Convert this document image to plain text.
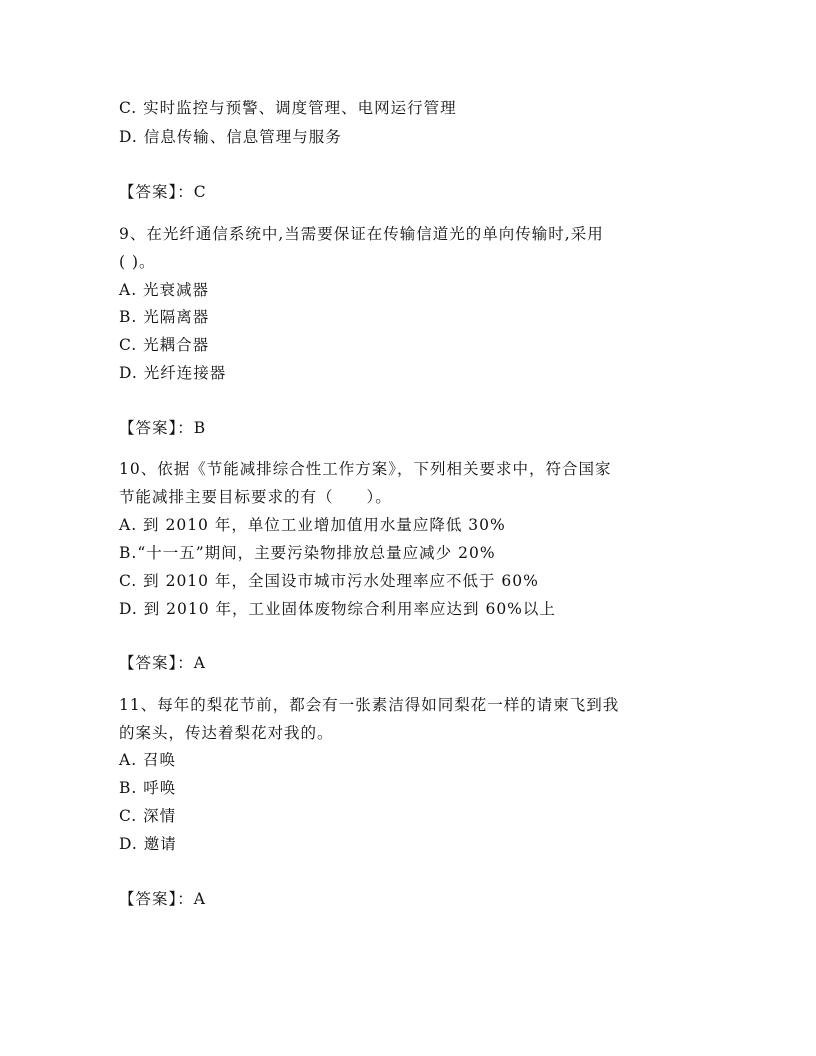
C. 实时监控与预警、调度管理、电网运行管理
D. 信息传输、信息管理与服务
【答案】：C
9、在光纤通信系统中,当需要保证在传输信道光的单向传输时,采用
( )。
A. 光衰减器
B. 光隔离器
C. 光耦合器
D. 光纤连接器
【答案】：B
10、依据《节能减排综合性工作方案》，下列相关要求中，符合国家
节能减排主要目标要求的有（　　）。
A. 到 2010 年，单位工业增加值用水量应降低 30%
B.“十一五”期间，主要污染物排放总量应减少 20%
C. 到 2010 年，全国设市城市污水处理率应不低于 60%
D. 到 2010 年，工业固体废物综合利用率应达到 60%以上
【答案】：A
11、每年的梨花节前，都会有一张素洁得如同梨花一样的请柬飞到我
的案头，传达着梨花对我的。
A. 召唤
B. 呼唤
C. 深情
D. 邀请
【答案】：A
